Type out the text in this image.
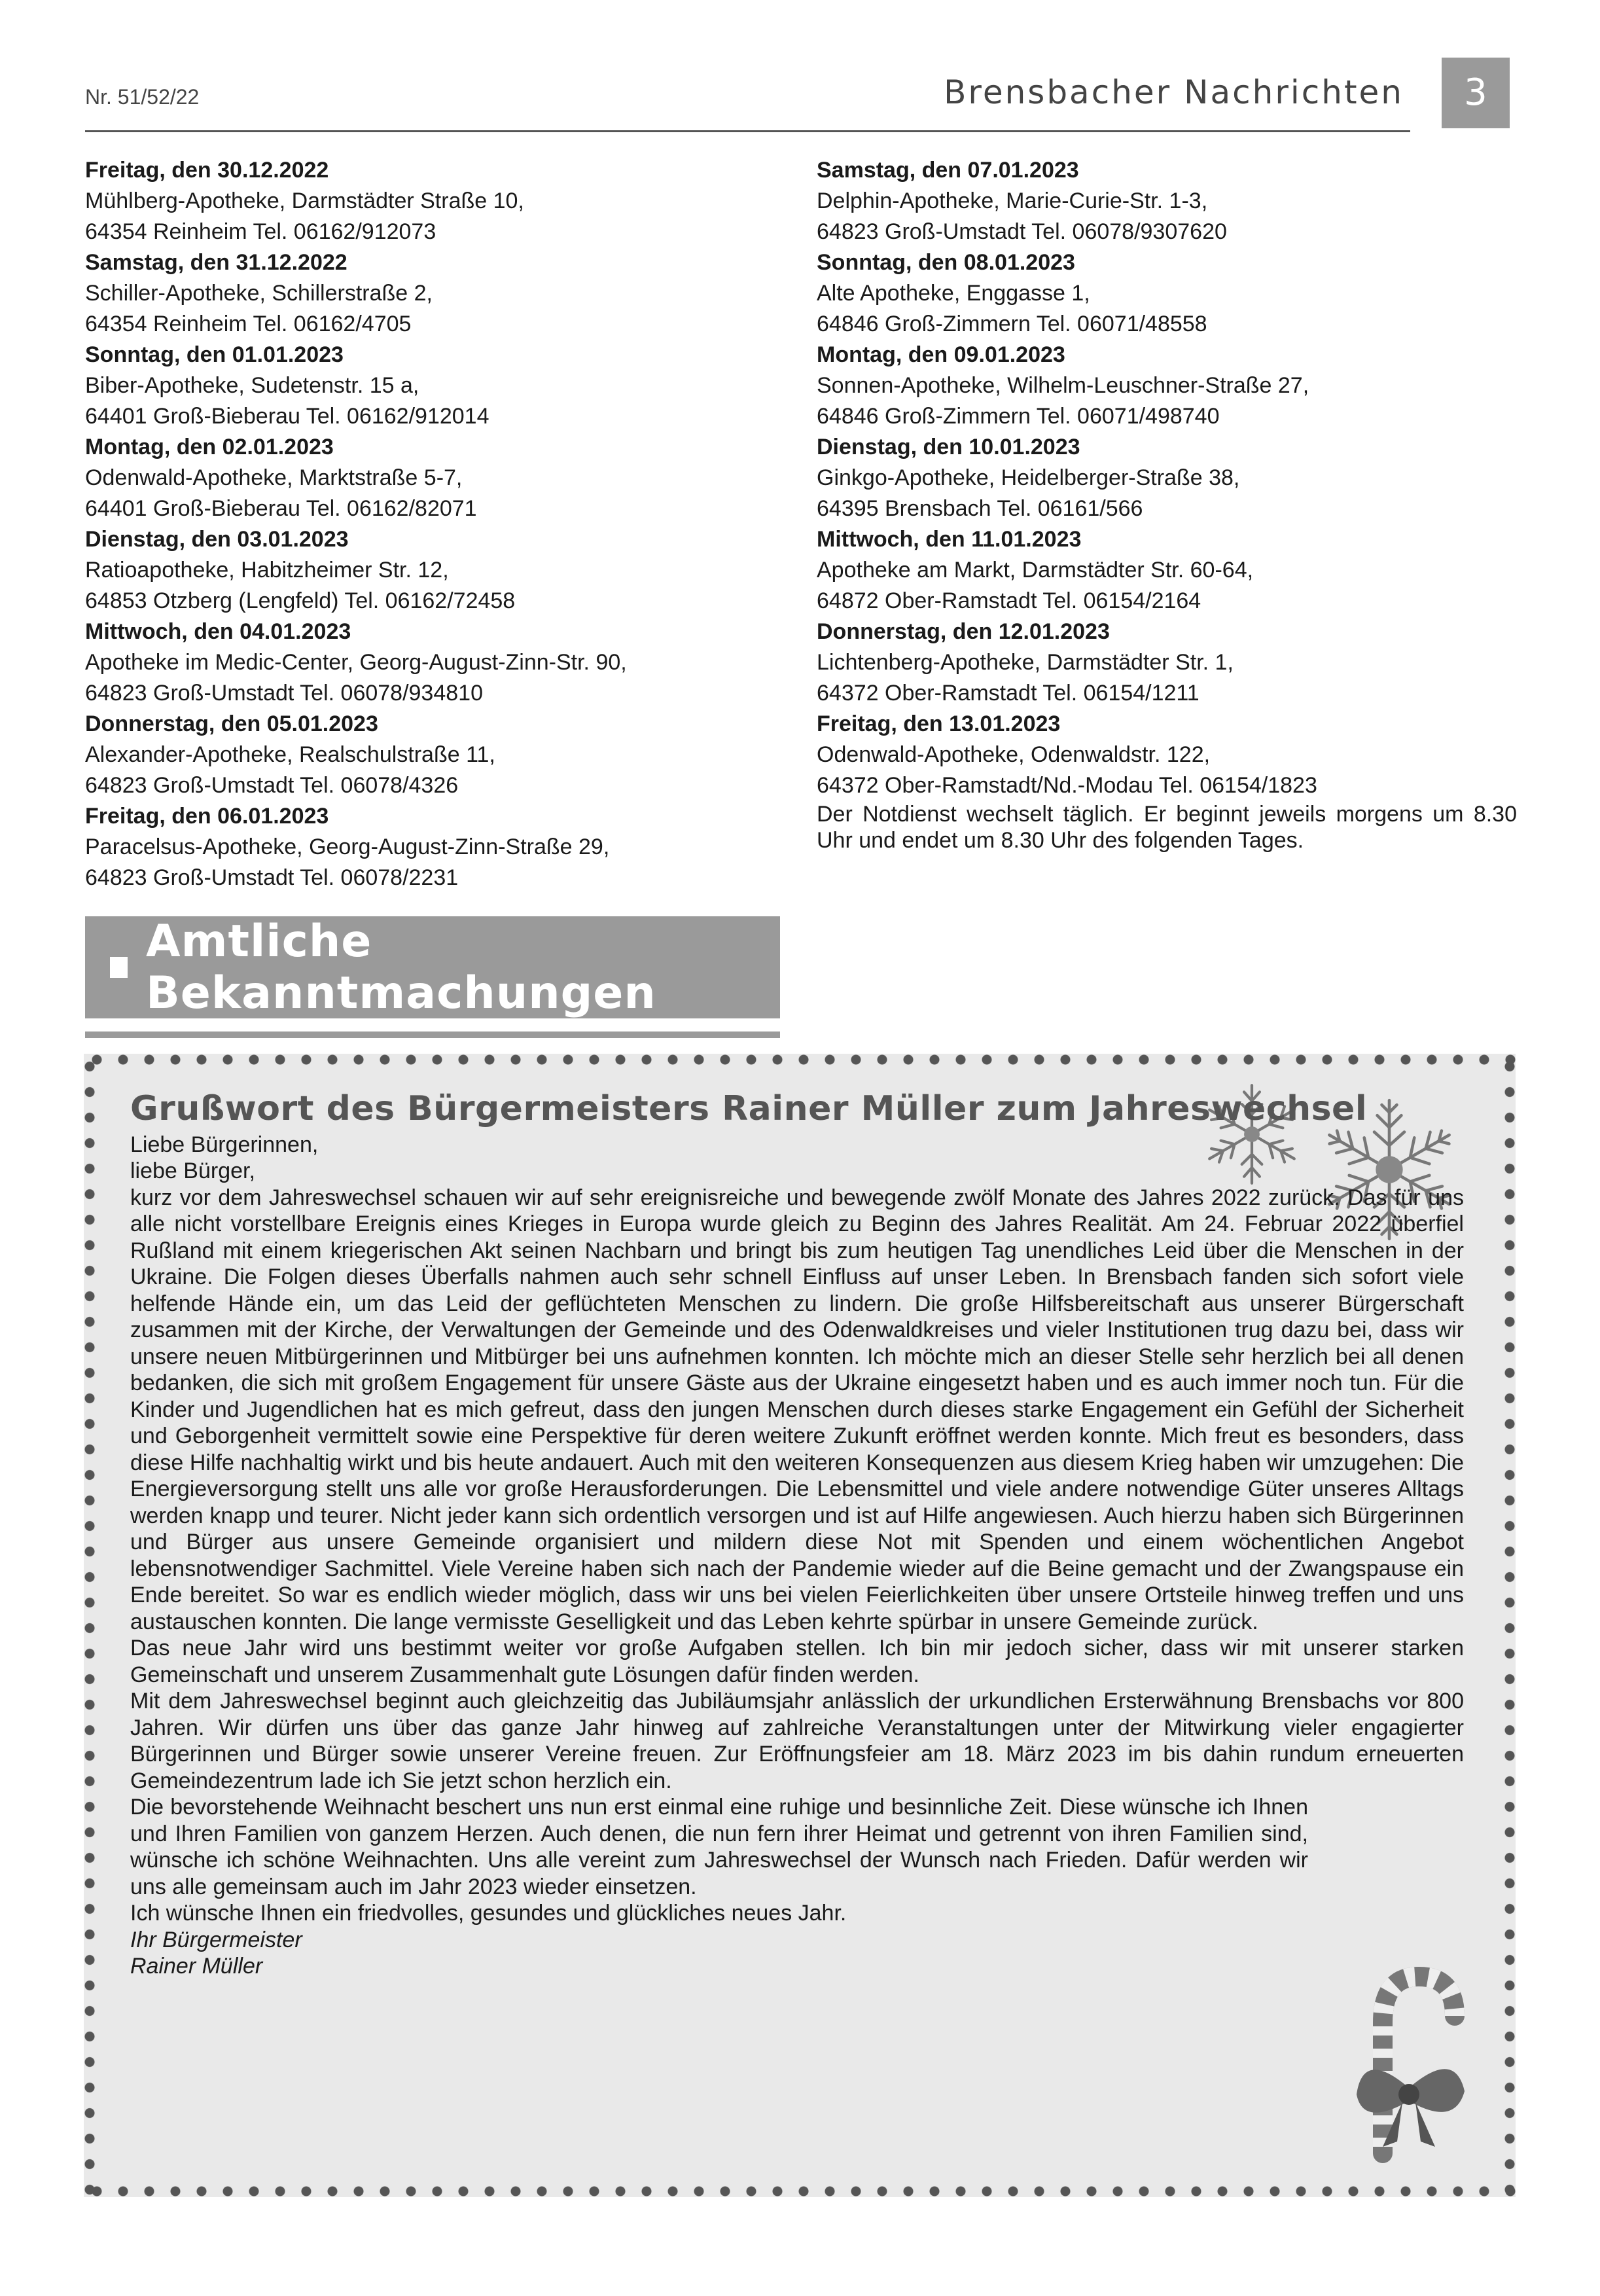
Nr. 51/52/22	Brensbacher Nachrichten	3
Freitag, den 30.12.2022
Mühlberg-Apotheke, Darmstädter Straße 10,
64354 Reinheim Tel. 06162/912073
Samstag, den 31.12.2022
Schiller-Apotheke, Schillerstraße 2,
64354 Reinheim Tel. 06162/4705
Sonntag, den 01.01.2023
Biber-Apotheke, Sudetenstr. 15 a,
64401 Groß-Bieberau Tel. 06162/912014
Montag, den 02.01.2023
Odenwald-Apotheke, Marktstraße 5-7,
64401 Groß-Bieberau Tel. 06162/82071
Dienstag, den 03.01.2023
Ratioapotheke, Habitzheimer Str. 12,
64853 Otzberg (Lengfeld) Tel. 06162/72458
Mittwoch, den 04.01.2023
Apotheke im Medic-Center, Georg-August-Zinn-Str. 90,
64823 Groß-Umstadt Tel. 06078/934810
Donnerstag, den 05.01.2023
Alexander-Apotheke, Realschulstraße 11,
64823 Groß-Umstadt Tel. 06078/4326
Freitag, den 06.01.2023
Paracelsus-Apotheke, Georg-August-Zinn-Straße 29,
64823 Groß-Umstadt Tel. 06078/2231
Samstag, den 07.01.2023
Delphin-Apotheke, Marie-Curie-Str. 1-3,
64823 Groß-Umstadt Tel. 06078/9307620
Sonntag, den 08.01.2023
Alte Apotheke, Enggasse 1,
64846 Groß-Zimmern Tel. 06071/48558
Montag, den 09.01.2023
Sonnen-Apotheke, Wilhelm-Leuschner-Straße 27,
64846 Groß-Zimmern Tel. 06071/498740
Dienstag, den 10.01.2023
Ginkgo-Apotheke, Heidelberger-Straße 38,
64395 Brensbach Tel. 06161/566
Mittwoch, den 11.01.2023
Apotheke am Markt, Darmstädter Str. 60-64,
64872 Ober-Ramstadt Tel. 06154/2164
Donnerstag, den 12.01.2023
Lichtenberg-Apotheke, Darmstädter Str. 1,
64372 Ober-Ramstadt Tel. 06154/1211
Freitag, den 13.01.2023
Odenwald-Apotheke, Odenwaldstr. 122,
64372 Ober-Ramstadt/Nd.-Modau Tel. 06154/1823
Der Notdienst wechselt täglich. Er beginnt jeweils morgens um 8.30 Uhr und endet um 8.30 Uhr des folgenden Tages.
Amtliche Bekanntmachungen
Grußwort des Bürgermeisters Rainer Müller zum Jahreswechsel
Liebe Bürgerinnen,
liebe Bürger,
kurz vor dem Jahreswechsel schauen wir auf sehr ereignisreiche und bewegende zwölf Monate des Jahres 2022 zurück. Das für uns alle nicht vorstellbare Ereignis eines Krieges in Europa wurde gleich zu Beginn des Jahres Realität. Am 24. Februar 2022 überfiel Rußland mit einem kriegerischen Akt seinen Nachbarn und bringt bis zum heutigen Tag unendliches Leid über die Menschen in der Ukraine. Die Folgen dieses Überfalls nahmen auch sehr schnell Einfluss auf unser Leben. In Brensbach fanden sich sofort viele helfende Hände ein, um das Leid der geflüchteten Menschen zu lindern. Die große Hilfsbereitschaft aus unserer Bürgerschaft zusammen mit der Kirche, der Verwaltungen der Gemeinde und des Odenwaldkreises und vieler Institutionen trug dazu bei, dass wir unsere neuen Mitbürgerinnen und Mitbürger bei uns aufnehmen konnten. Ich möchte mich an dieser Stelle sehr herzlich bei all denen bedanken, die sich mit großem Engagement für unsere Gäste aus der Ukraine eingesetzt haben und es auch immer noch tun. Für die Kinder und Jugendlichen hat es mich gefreut, dass den jungen Menschen durch dieses starke Engagement ein Gefühl der Sicherheit und Geborgenheit vermittelt sowie eine Perspektive für deren weitere Zukunft eröffnet werden konnte. Mich freut es besonders, dass diese Hilfe nachhaltig wirkt und bis heute andauert. Auch mit den weiteren Konsequenzen aus diesem Krieg haben wir umzugehen: Die Energieversorgung stellt uns alle vor große Herausforderungen. Die Lebensmittel und viele andere notwendige Güter unseres Alltags werden knapp und teurer. Nicht jeder kann sich ordentlich versorgen und ist auf Hilfe angewiesen. Auch hierzu haben sich Bürgerinnen und Bürger aus unsere Gemeinde organisiert und mildern diese Not mit Spenden und einem wöchentlichen Angebot lebensnotwendiger Sachmittel. Viele Vereine haben sich nach der Pandemie wieder auf die Beine gemacht und der Zwangspause ein Ende bereitet. So war es endlich wieder möglich, dass wir uns bei vielen Feierlichkeiten über unsere Ortsteile hinweg treffen und uns austauschen konnten. Die lange vermisste Geselligkeit und das Leben kehrte spürbar in unsere Gemeinde zurück.
Das neue Jahr wird uns bestimmt weiter vor große Aufgaben stellen. Ich bin mir jedoch sicher, dass wir mit unserer starken Gemeinschaft und unserem Zusammenhalt gute Lösungen dafür finden werden.
Mit dem Jahreswechsel beginnt auch gleichzeitig das Jubiläumsjahr anlässlich der urkundlichen Ersterwähnung Brensbachs vor 800 Jahren. Wir dürfen uns über das ganze Jahr hinweg auf zahlreiche Veranstaltungen unter der Mitwirkung vieler engagierter Bürgerinnen und Bürger sowie unserer Vereine freuen. Zur Eröffnungsfeier am 18. März 2023 im bis dahin rundum erneuerten Gemeindezentrum lade ich Sie jetzt schon herzlich ein.
Die bevorstehende Weihnacht beschert uns nun erst einmal eine ruhige und besinnliche Zeit. Diese wünsche ich Ihnen und Ihren Familien von ganzem Herzen. Auch denen, die nun fern ihrer Heimat und getrennt von ihren Familien sind, wünsche ich schöne Weihnachten. Uns alle vereint zum Jahreswechsel der Wunsch nach Frieden. Dafür werden wir uns alle gemeinsam auch im Jahr 2023 wieder einsetzen.
Ich wünsche Ihnen ein friedvolles, gesundes und glückliches neues Jahr.
Ihr Bürgermeister
Rainer Müller
